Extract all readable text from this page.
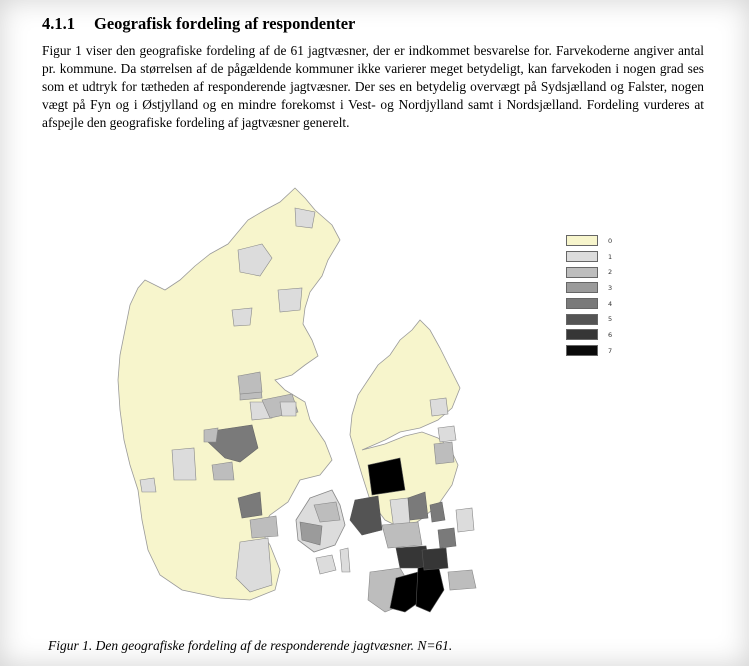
4.1.1 Geografisk fordeling af respondenter

Figur 1 viser den geografiske fordeling af de 61 jagtvæsner, der er indkommet besvarelse for. Farvekoderne angiver antal pr. kommune. Da størrelsen af de pågældende kommuner ikke varierer meget betydeligt, kan farvekoden i nogen grad ses som et udtryk for tætheden af responderende jagtvæsner. Der ses en betydelig overvægt på Sydsjælland og Falster, nogen vægt på Fyn og i Østjylland og en mindre forekomst i Vest- og Nordjylland samt i Nordsjælland. Fordeling vurderes at afspejle den geografiske fordeling af jagtvæsner generelt.

0
1
2
3
4
5
6
7
Figur 1. Den geografiske fordeling af de responderende jagtvæsner. N=61.
